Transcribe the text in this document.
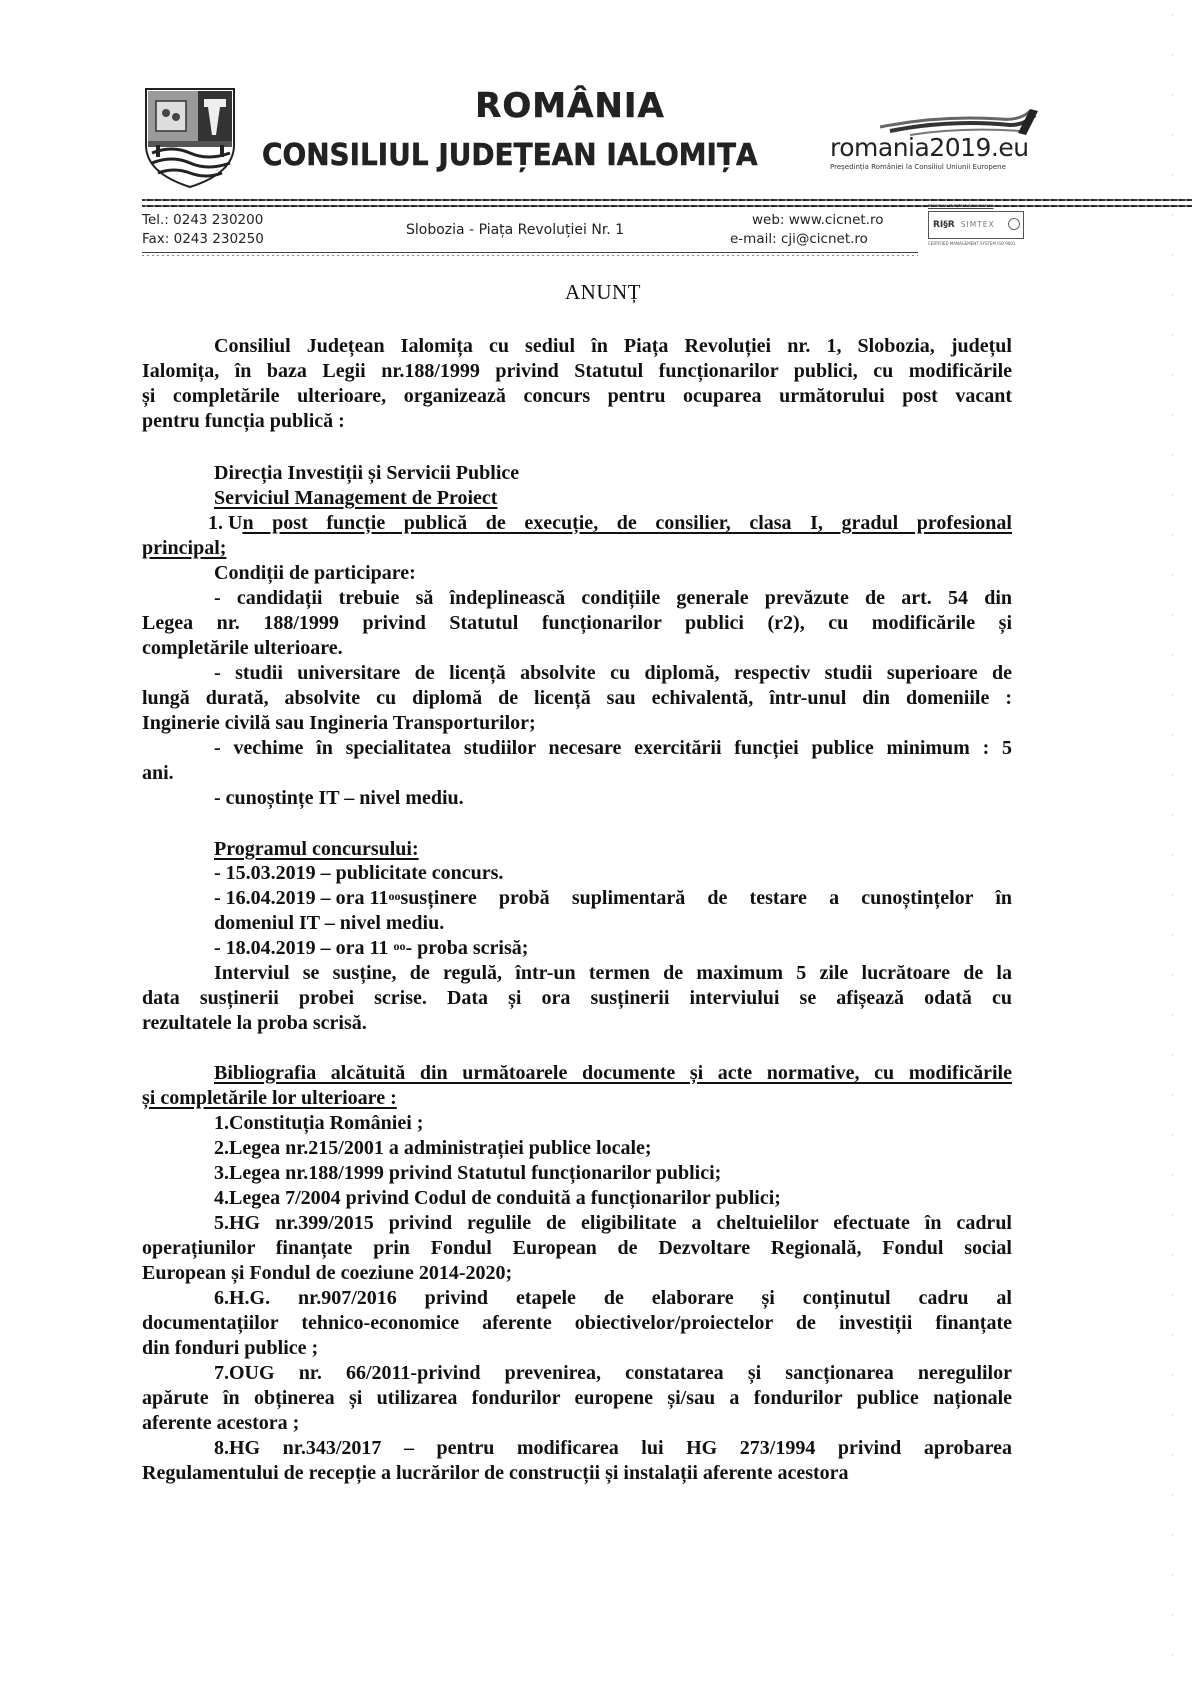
ROMÂNIA
CONSILIUL JUDEȚEAN IALOMIȚA	romania2019.eu
Președinția României la Consiliul Uniunii Europene
Tel.: 0243 230200
Fax: 0243 230250
Slobozia - Piața Revoluției Nr. 1
web: www.cicnet.ro
e-mail: cji@cicnet.ro
Member of IQNet Association
RI§R SIMTEX
CERTIFIED MANAGEMENT SYSTEM ISO 9001
ANUNȚ
Consiliul Județean Ialomița cu sediul în Piața Revoluției nr. 1, Slobozia, județul
Ialomița, în baza Legii nr.188/1999 privind Statutul funcționarilor publici, cu modificările
și completările ulterioare, organizează concurs pentru ocuparea următorului post vacant
pentru funcția publică :
Direcția Investiții și Servicii Publice
Serviciul Management de Proiect
1. U n post funcție publică de execuție, de consilier, clasa I, gradul profesional
principal;
Condiții de participare:
- candidații trebuie să îndeplinească condițiile generale prevăzute de art. 54 din
Legea nr. 188/1999 privind Statutul funcționarilor publici (r2), cu modificările și
completările ulterioare.
- studii universitare de licență absolvite cu diplomă, respectiv studii superioare de
lungă durată, absolvite cu diplomă de licență sau echivalentă, într-unul din domeniile :
Inginerie civilă sau Ingineria Transporturilor;
- vechime în specialitatea studiilor necesare exercitării funcției publice minimum : 5
ani.
- cunoștințe IT – nivel mediu.
Programul concursului:
- 15.03.2019 – publicitate concurs.
- 16.04.2019 – ora $11^{oo}$ susținere probă suplimentară de testare a cunoștințelor în
domeniul IT – nivel mediu.
- 18.04.2019 – ora 11 $^{oo}$- proba scrisă;
Interviul se susține, de regulă, într-un termen de maximum 5 zile lucrătoare de la
data susținerii probei scrise. Data și ora susținerii interviului se afișează odată cu
rezultatele la proba scrisă.
Bibliografia alcătuită din următoarele documente și acte normative, cu modificările
și completările lor ulterioare :
1.Constituția României ;
2.Legea nr.215/2001 a administrației publice locale;
3.Legea nr.188/1999 privind Statutul funcționarilor publici;
4.Legea 7/2004 privind Codul de conduită a funcționarilor publici;
5.HG nr.399/2015 privind regulile de eligibilitate a cheltuielilor efectuate în cadrul
operațiunilor finanțate prin Fondul European de Dezvoltare Regională, Fondul social
European și Fondul de coeziune 2014-2020;
6.H.G. nr.907/2016 privind etapele de elaborare și conținutul cadru al
documentațiilor tehnico-economice aferente obiectivelor/proiectelor de investiții finanțate
din fonduri publice ;
7.OUG nr. 66/2011-privind prevenirea, constatarea și sancționarea neregulilor
apărute în obținerea și utilizarea fondurilor europene și/sau a fondurilor publice naționale
aferente acestora ;
8.HG nr.343/2017 – pentru modificarea lui HG 273/1994 privind aprobarea
Regulamentului de recepție a lucrărilor de construcții și instalații aferente acestora
